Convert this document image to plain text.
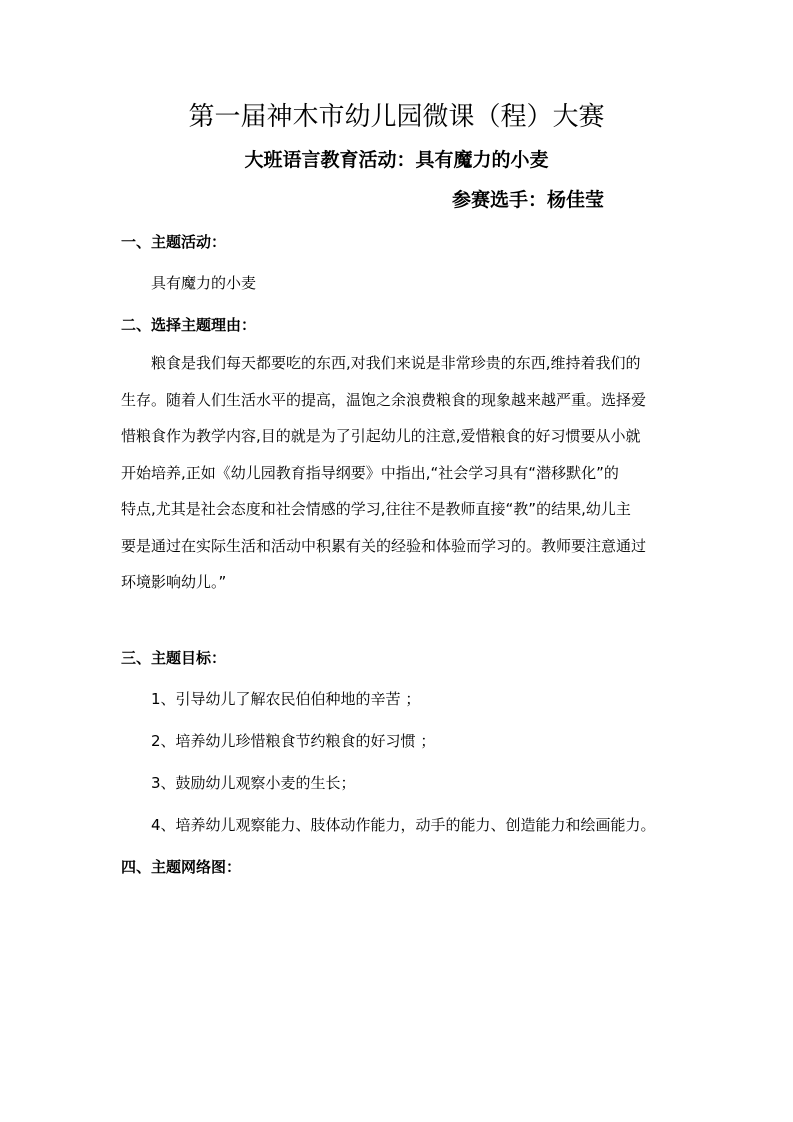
第一届神木市幼儿园微课（程）大赛
大班语言教育活动：具有魔力的小麦
参赛选手：杨佳莹
一、主题活动：
具有魔力的小麦
二、选择主题理由：
　　粮食是我们每天都要吃的东西,对我们来说是非常珍贵的东西,维持着我们的
生存。随着人们生活水平的提高，温饱之余浪费粮食的现象越来越严重。选择爱
惜粮食作为教学内容,目的就是为了引起幼儿的注意,爱惜粮食的好习惯要从小就
开始培养,正如《幼儿园教育指导纲要》中指出,“社会学习具有“潜移默化”的
特点,尤其是社会态度和社会情感的学习,往往不是教师直接“教”的结果,幼儿主
要是通过在实际生活和活动中积累有关的经验和体验而学习的。教师要注意通过
环境影响幼儿。”
三、主题目标：
1、引导幼儿了解农民伯伯种地的辛苦 ；
2、培养幼儿珍惜粮食节约粮食的好习惯 ；
3、鼓励幼儿观察小麦的生长；
4、培养幼儿观察能力、肢体动作能力，动手的能力、创造能力和绘画能力。
四、主题网络图：
